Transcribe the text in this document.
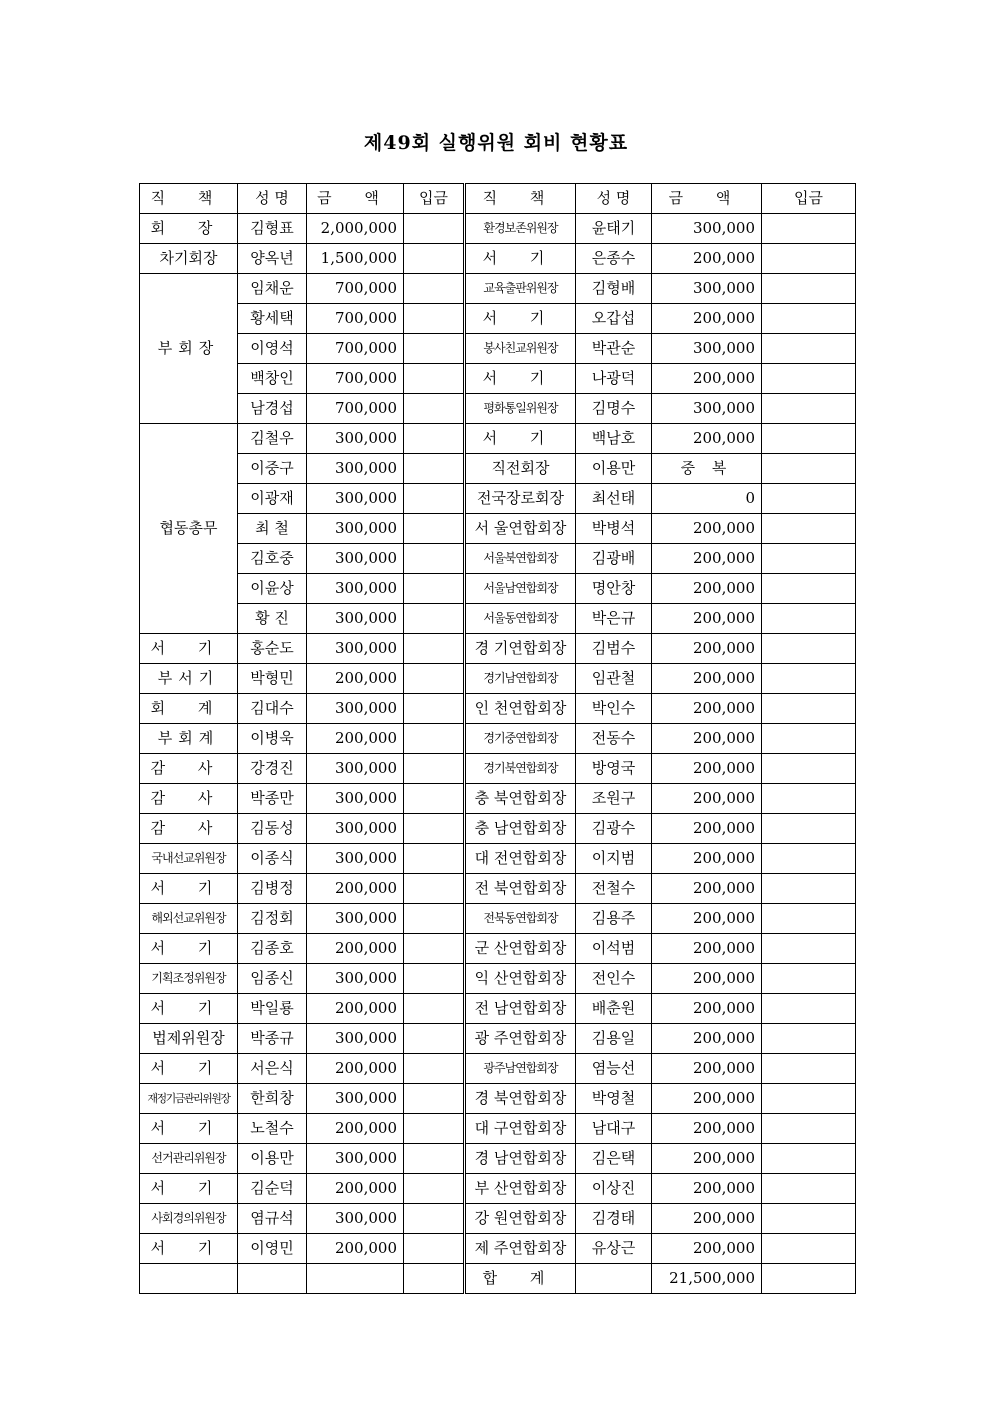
제49회 실행위원 회비 현황표
직 책	성 명	금 액	입금	직 책	성 명	금 액	입금
회 장	김형표	2,000,000		환경보존위원장	윤태기	300,000	
차기회장	양옥년	1,500,000		서 기	은종수	200,000	
부회장	임채운	700,000		교육출판위원장	김형배	300,000	
	황세택	700,000		서 기	오갑섭	200,000	
	이영석	700,000		봉사친교위원장	박관순	300,000	
	백창인	700,000		서 기	나광덕	200,000	
	남경섭	700,000		평화통일위원장	김명수	300,000	
협동총무	김철우	300,000		서 기	백남호	200,000	
	이중구	300,000		직전회장	이용만	중 복	
	이광재	300,000		전국장로회장	최선태	0	
	최 철	300,000		서 울연합회장	박병석	200,000	
	김호중	300,000		서울북연합회장	김광배	200,000	
	이윤상	300,000		서울남연합회장	명안창	200,000	
	황 진	300,000		서울동연합회장	박은규	200,000	
서 기	홍순도	300,000		경 기연합회장	김범수	200,000	
부서기	박형민	200,000		경기남연합회장	임관철	200,000	
회 계	김대수	300,000		인 천연합회장	박인수	200,000	
부회계	이병욱	200,000		경기중연합회장	전동수	200,000	
감 사	강경진	300,000		경기북연합회장	방영국	200,000	
감 사	박종만	300,000		충 북연합회장	조원구	200,000	
감 사	김동성	300,000		충 남연합회장	김광수	200,000	
국내선교위원장	이종식	300,000		대 전연합회장	이지범	200,000	
서 기	김병정	200,000		전 북연합회장	전철수	200,000	
해외선교위원장	김정회	300,000		전북동연합회장	김용주	200,000	
서 기	김종호	200,000		군 산연합회장	이석범	200,000	
기획조정위원장	임종신	300,000		익 산연합회장	전인수	200,000	
서 기	박일룡	200,000		전 남연합회장	배춘원	200,000	
법제위원장	박종규	300,000		광 주연합회장	김용일	200,000	
서 기	서은식	200,000		광주남연합회장	염능선	200,000	
재정기금관리위원장	한희창	300,000		경 북연합회장	박영철	200,000	
서 기	노철수	200,000		대 구연합회장	남대구	200,000	
선거관리위원장	이용만	300,000		경 남연합회장	김은택	200,000	
서 기	김순덕	200,000		부 산연합회장	이상진	200,000	
사회경의위원장	염규석	300,000		강 원연합회장	김경태	200,000	
서 기	이영민	200,000		제 주연합회장	유상근	200,000	
				합 계		21,500,000	
